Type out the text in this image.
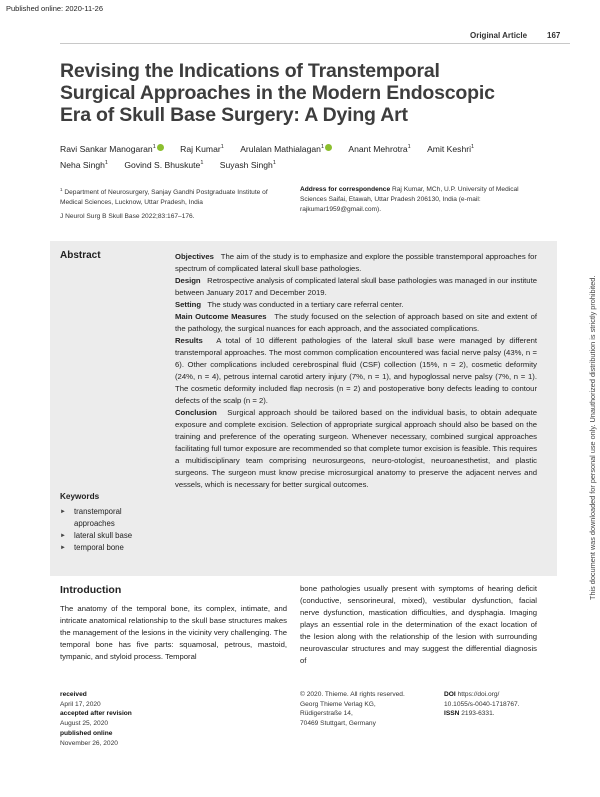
Published online: 2020-11-26
Original Article 167
Revising the Indications of Transtemporal Surgical Approaches in the Modern Endoscopic Era of Skull Base Surgery: A Dying Art
Ravi Sankar Manogaran$^1$	Raj Kumar$^1$ Arulalan Mathialagan$^1$	Anant Mehrotra$^1$ Amit Keshri$^1$
Neha Singh$^1$ Govind S. Bhuskute$^1$ Suyash Singh$^1$
$^1$ Department of Neurosurgery, Sanjay Gandhi Postgraduate Institute of Medical Sciences, Lucknow, Uttar Pradesh, India
J Neurol Surg B Skull Base 2022;83:167–176.
Address for correspondence Raj Kumar, MCh, U.P. University of Medical Sciences Saifai, Etawah, Uttar Pradesh 206130, India (e-mail: rajkumar1959@gmail.com).
Abstract	Objectives The aim of the study is to emphasize and explore the possible transtemporal approaches for spectrum of complicated lateral skull base pathologies.

Design Retrospective analysis of complicated lateral skull base pathologies was managed in our institute between January 2017 and December 2019.

Setting The study was conducted in a tertiary care referral center.

Main Outcome Measures The study focused on the selection of approach based on site and extent of the pathology, the surgical nuances for each approach, and the associated complications.

Results A total of 10 different pathologies of the lateral skull base were managed by different transtemporal approaches. The most common complication encountered was facial nerve palsy (43%, n = 6). Other complications included cerebrospinal fluid (CSF) collection (15%, n = 2), cosmetic deformity (24%, n = 4), petrous internal carotid artery injury (7%, n = 1), and hypoglossal nerve palsy (7%, n = 1). The cosmetic deformity included flap necrosis (n = 2) and postoperative bony defects leading to contour defects of the scalp (n = 2).

Conclusion Surgical approach should be tailored based on the individual basis, to obtain adequate exposure and complete excision. Selection of appropriate surgical approach should also be based on the training and preference of the operating surgeon. Whenever necessary, combined surgical approaches facilitating full tumor exposure are recommended so that complete tumor excision is feasible. This requires a multidisciplinary team comprising neurosurgeons, neuro-otologist, neuroanesthetist, and plastic surgeons. The surgeon must know precise microsurgical anatomy to preserve the adjacent nerves and vessels, which is necessary for better surgical outcomes.

Keywords
► transtemporal approaches
► lateral skull base
► temporal bone	This document was downloaded for personal use only. Unauthorized distribution is strictly prohibited.
Introduction
The anatomy of the temporal bone, its complex, intimate, and intricate anatomical relationship to the skull base structures makes the management of the lesions in the vicinity very challenging. The temporal bone has five parts: squamosal, petrous, mastoid, tympanic, and styloid process. Temporal
bone pathologies usually present with symptoms of hearing deficit (conductive, sensorineural, mixed), vestibular dysfunction, facial nerve dysfunction, mastication difficulties, and dysphagia. Imaging plays an essential role in the determination of the exact location of the lesion along with the relationship of the lesion with surrounding neurovascular structures and may suggest the differential diagnosis of
received
April 17, 2020
accepted after revision
August 25, 2020
published online
November 26, 2020
© 2020. Thieme. All rights reserved.
Georg Thieme Verlag KG,
Rüdigerstraße 14,
70469 Stuttgart, Germany
DOI https://doi.org/
10.1055/s-0040-1718767.
ISSN 2193-6331.
